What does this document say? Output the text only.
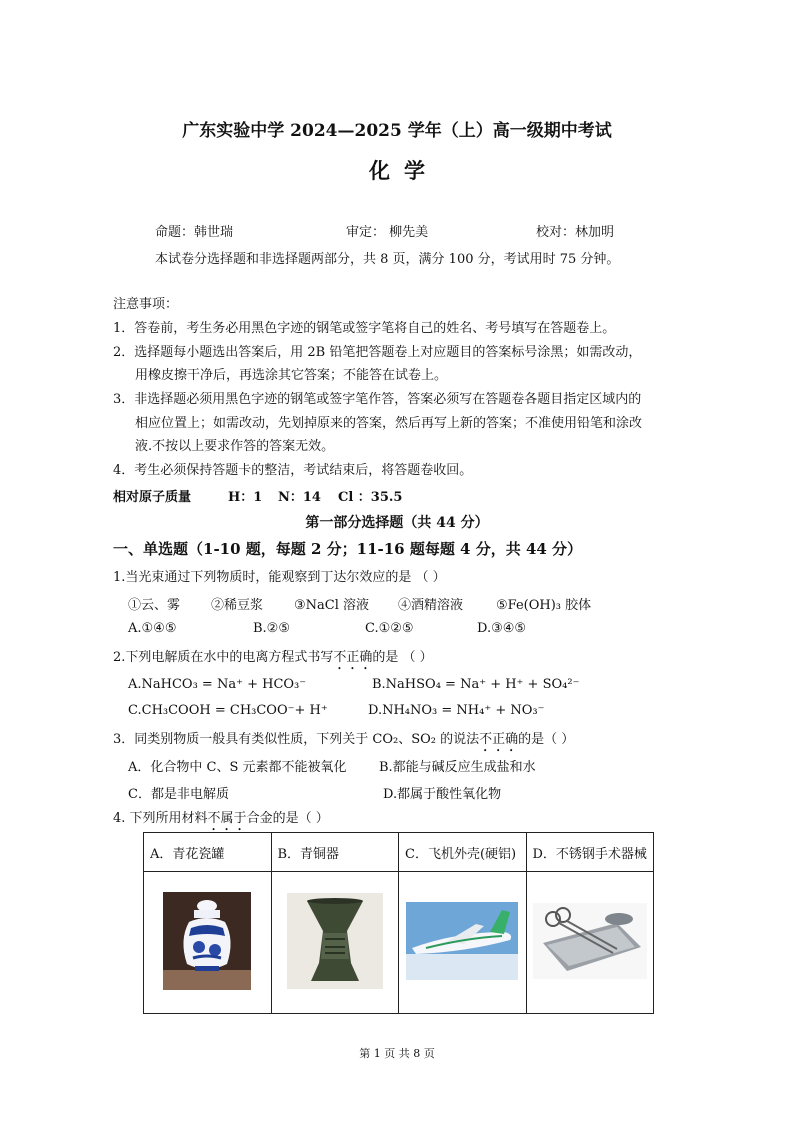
广东实验中学 2024—2025 学年（上）高一级期中考试
化学
命题：韩世瑞	审定： 柳先美	校对：林加明
本试卷分选择题和非选择题两部分，共 8 页，满分 100 分，考试用时 75 分钟。
注意事项：
1．答卷前，考生务必用黑色字迹的钢笔或签字笔将自己的姓名、考号填写在答题卷上。
2．选择题每小题选出答案后，用 2B 铅笔把答题卷上对应题目的答案标号涂黑；如需改动，
用橡皮擦干净后，再选涂其它答案；不能答在试卷上。
3．非选择题必须用黑色字迹的钢笔或签字笔作答，答案必须写在答题卷各题目指定区域内的
相应位置上；如需改动，先划掉原来的答案，然后再写上新的答案；不准使用铅笔和涂改
液.不按以上要求作答的答案无效。
4．考生必须保持答题卡的整洁，考试结束后，将答题卷收回。
相对原子质量	H：1 N：14 Cl ：35.5
第一部分选择题（共 44 分）
一、单选题（1-10 题，每题 2 分；11-16 题每题 4 分，共 44 分）
1.当光束通过下列物质时，能观察到丁达尔效应的是 （ ）
①云、雾 ②稀豆浆 ③NaCl 溶液 ④酒精溶液	⑤Fe(OH)₃ 胶体
A.①④⑤	B.②⑤	C.①②⑤	D.③④⑤
2.下列电解质在水中的电离方程式书写不正确的是 （ ）
A.NaHCO₃ = Na⁺ + HCO₃⁻	B.NaHSO₄ = Na⁺ + H⁺ + SO₄²⁻
C.CH₃COOH = CH₃COO⁻+ H⁺	D.NH₄NO₃ = NH₄⁺ + NO₃⁻
3．同类别物质一般具有类似性质，下列关于 CO₂、SO₂ 的说法不正确的是（ ）
A．化合物中 C、S 元素都不能被氧化 B.都能与碱反应生成盐和水
C．都是非电解质	D.都属于酸性氧化物
4. 下列所用材料不属于合金的是（ ）
A．青花瓷罐	B．青铜器	C．飞机外壳(硬铝)	D．不锈钢手术器械

第 1 页 共 8 页
